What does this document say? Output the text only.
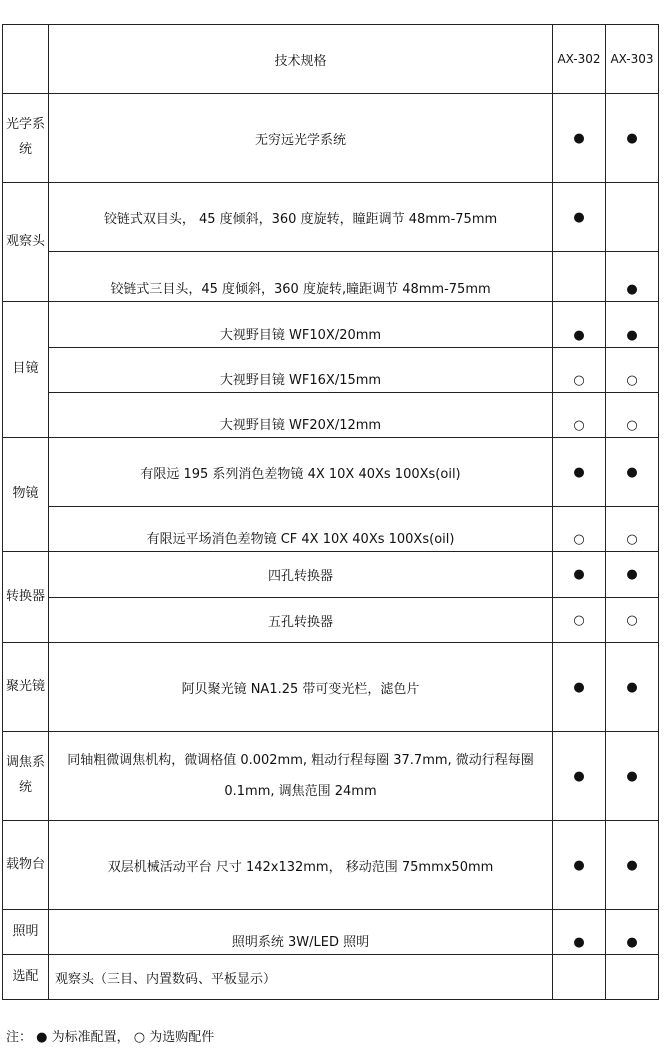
	技术规格	AX-302	AX-303
光学系统	无穷远光学系统	●	●
观察头	铰链式双目头， 45 度倾斜，360 度旋转，瞳距调节 48mm-75mm	●	
	铰链式三目头，45 度倾斜，360 度旋转,瞳距调节 48mm-75mm		●
目镜	大视野目镜 WF10X/20mm	●	●
	大视野目镜 WF16X/15mm	○	○
	大视野目镜 WF20X/12mm	○	○
物镜	有限远 195 系列消色差物镜 4X 10X 40Xs 100Xs(oil)	●	●
	有限远平场消色差物镜 CF 4X 10X 40Xs 100Xs(oil)	○	○
转换器	四孔转换器	●	●
	五孔转换器	○	○
聚光镜	阿贝聚光镜 NA1.25 带可变光栏，滤色片	●	●
调焦系统	同轴粗微调焦机构，微调格值 0.002mm, 粗动行程每圈 37.7mm, 微动行程每圈 0.1mm, 调焦范围 24mm	●	●
载物台	双层机械活动平台 尺寸 142x132mm， 移动范围 75mmx50mm	●	●
照明	照明系统 3W/LED 照明	●	●
选配	观察头（三目、内置数码、平板显示）		
注： ● 为标准配置， ○ 为选购配件
